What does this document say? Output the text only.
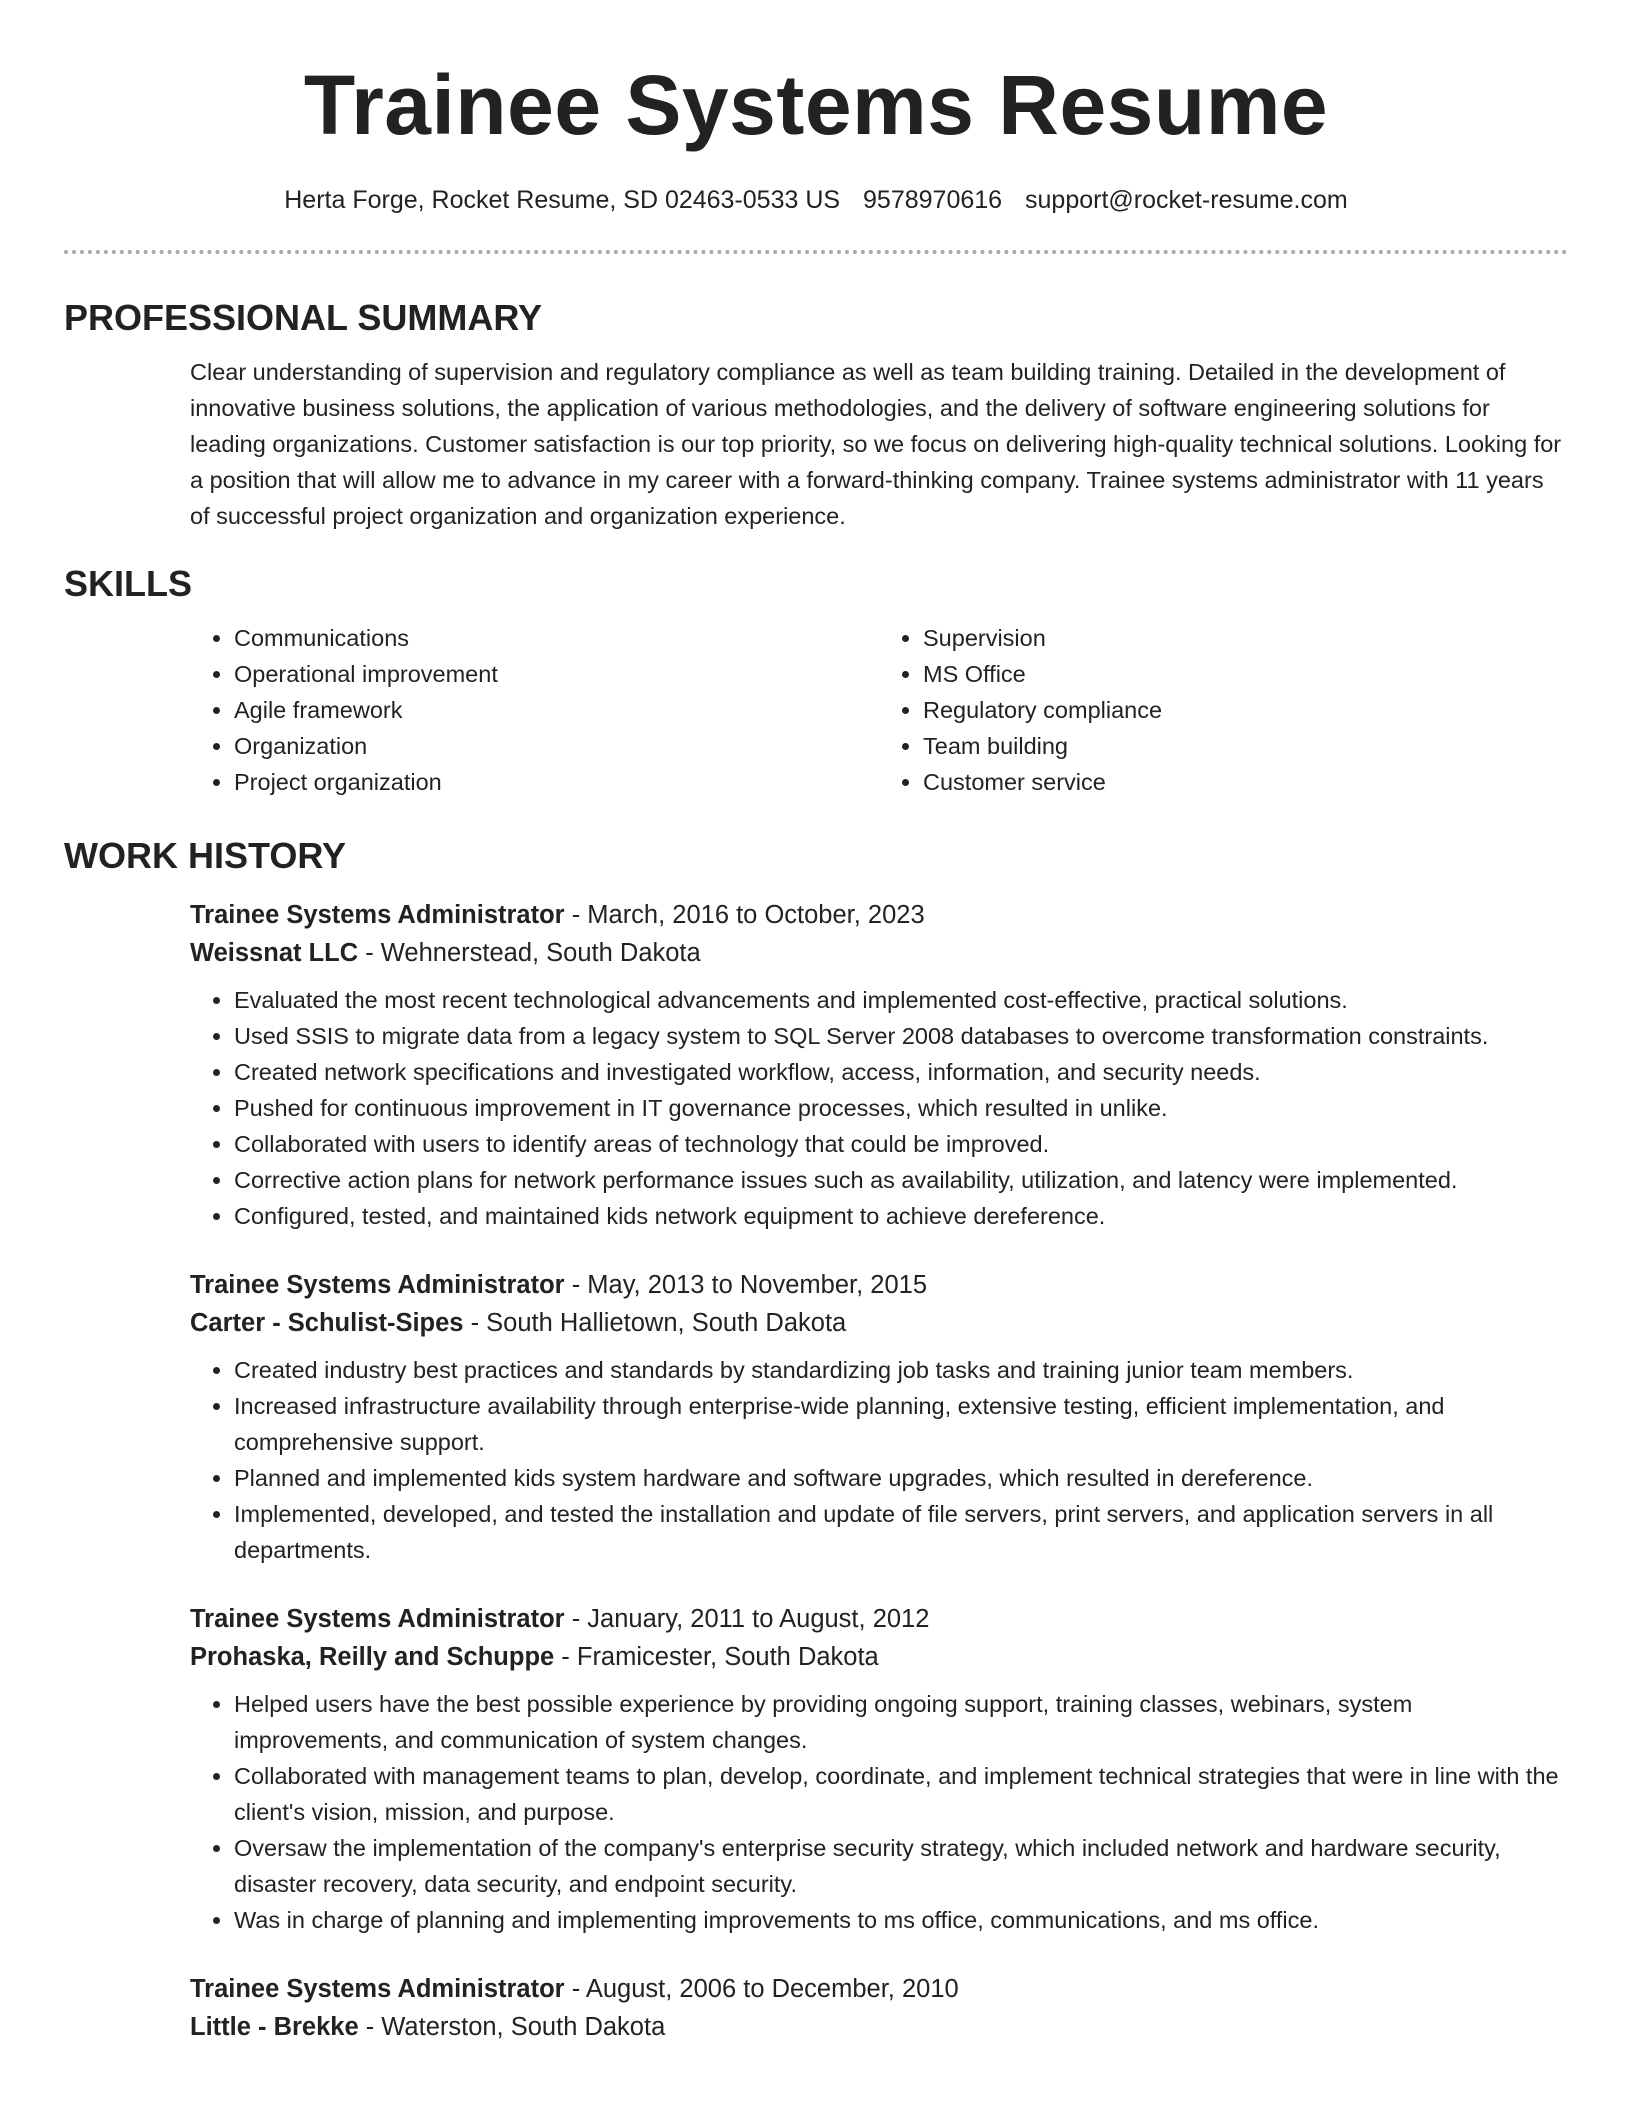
Trainee Systems Resume
Herta Forge, Rocket Resume, SD 02463-0533 US 9578970616 support@rocket-resume.com
PROFESSIONAL SUMMARY

Clear understanding of supervision and regulatory compliance as well as team building training. Detailed in the development of innovative business solutions, the application of various methodologies, and the delivery of software engineering solutions for leading organizations. Customer satisfaction is our top priority, so we focus on delivering high-quality technical solutions. Looking for a position that will allow me to advance in my career with a forward-thinking company. Trainee systems administrator with 11 years of successful project organization and organization experience.

SKILLS
• Communications
• Operational improvement
• Agile framework
• Organization
• Project organization
• Supervision
• MS Office
• Regulatory compliance
• Team building
• Customer service
WORK HISTORY
Trainee Systems Administrator - March, 2016 to October, 2023
Weissnat LLC - Wehnerstead, South Dakota
• Evaluated the most recent technological advancements and implemented cost-effective, practical solutions.
• Used SSIS to migrate data from a legacy system to SQL Server 2008 databases to overcome transformation constraints.
• Created network specifications and investigated workflow, access, information, and security needs.
• Pushed for continuous improvement in IT governance processes, which resulted in unlike.
• Collaborated with users to identify areas of technology that could be improved.
• Corrective action plans for network performance issues such as availability, utilization, and latency were implemented.
• Configured, tested, and maintained kids network equipment to achieve dereference.
Trainee Systems Administrator - May, 2013 to November, 2015
Carter - Schulist-Sipes - South Hallietown, South Dakota
• Created industry best practices and standards by standardizing job tasks and training junior team members.
• Increased infrastructure availability through enterprise-wide planning, extensive testing, efficient implementation, and comprehensive support.
• Planned and implemented kids system hardware and software upgrades, which resulted in dereference.
• Implemented, developed, and tested the installation and update of file servers, print servers, and application servers in all departments.
Trainee Systems Administrator - January, 2011 to August, 2012
Prohaska, Reilly and Schuppe - Framicester, South Dakota
• Helped users have the best possible experience by providing ongoing support, training classes, webinars, system improvements, and communication of system changes.
• Collaborated with management teams to plan, develop, coordinate, and implement technical strategies that were in line with the client's vision, mission, and purpose.
• Oversaw the implementation of the company's enterprise security strategy, which included network and hardware security, disaster recovery, data security, and endpoint security.
• Was in charge of planning and implementing improvements to ms office, communications, and ms office.
Trainee Systems Administrator - August, 2006 to December, 2010
Little - Brekke - Waterston, South Dakota
